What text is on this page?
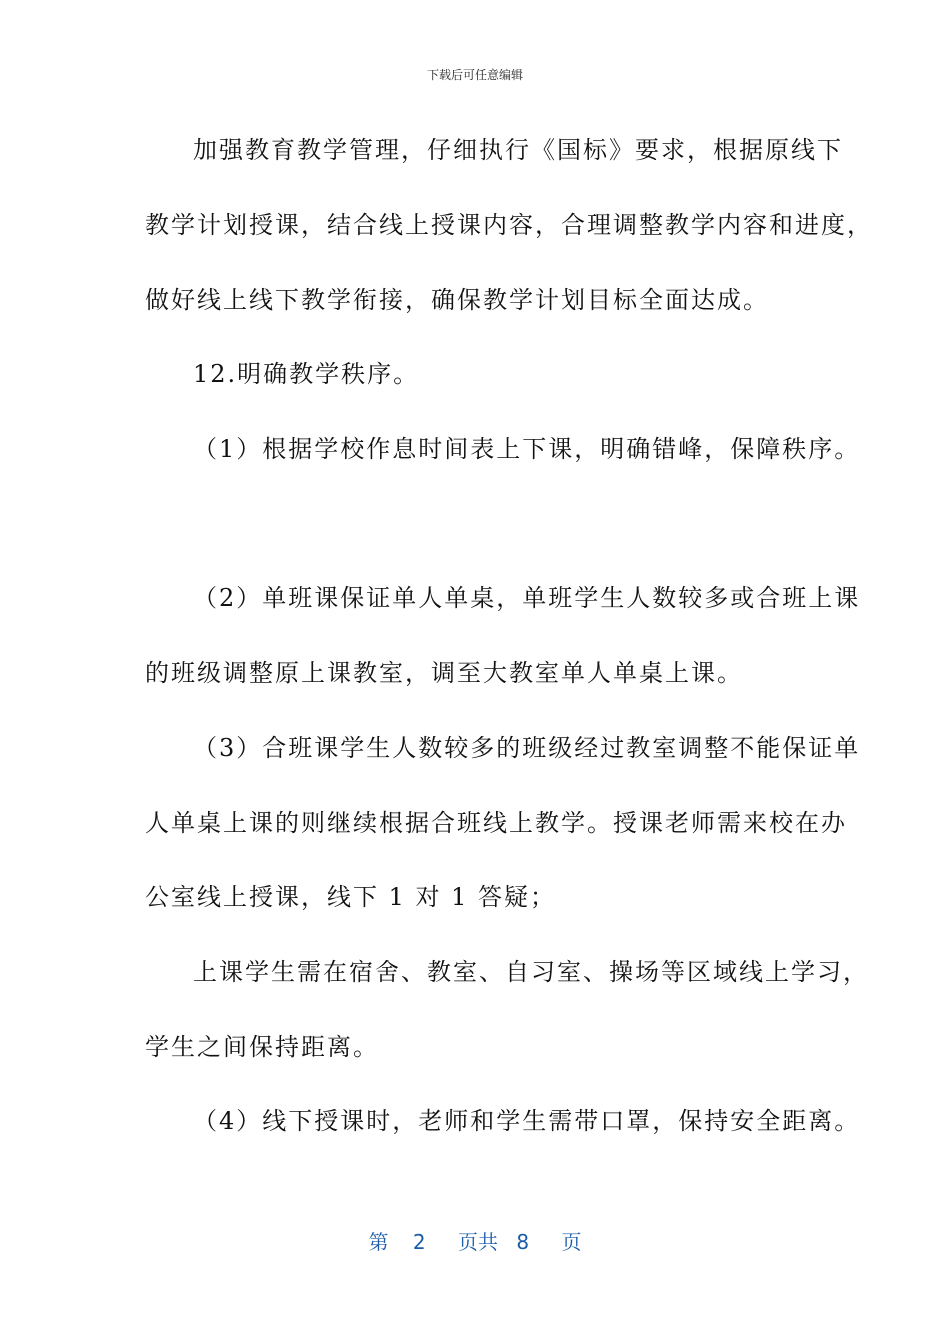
下载后可任意编辑
加强教育教学管理，仔细执行《国标》要求，根据原线下
教学计划授课，结合线上授课内容，合理调整教学内容和进度，
做好线上线下教学衔接，确保教学计划目标全面达成。
12.明确教学秩序。
（1）根据学校作息时间表上下课，明确错峰，保障秩序。
（2）单班课保证单人单桌，单班学生人数较多或合班上课
的班级调整原上课教室，调至大教室单人单桌上课。
（3）合班课学生人数较多的班级经过教室调整不能保证单
人单桌上课的则继续根据合班线上教学。授课老师需来校在办
公室线上授课，线下 1 对 1 答疑；
上课学生需在宿舍、教室、自习室、操场等区域线上学习，
学生之间保持距离。
（4）线下授课时，老师和学生需带口罩，保持安全距离。
第 2 页共 8 页
